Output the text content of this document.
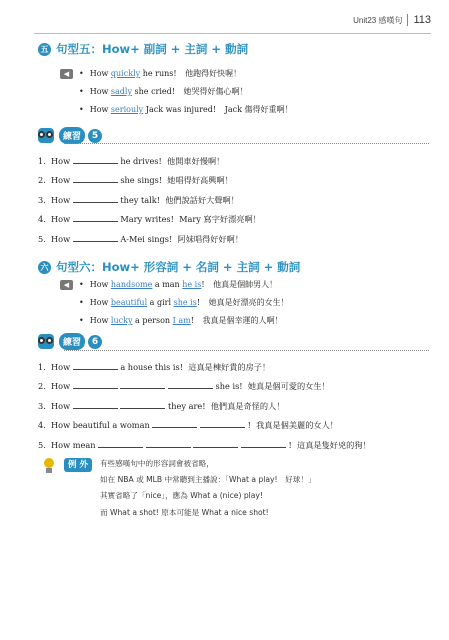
Unit23 感嘆句 113
五 句型五：How+ 副詞 + 主詞 + 動詞
◀	• How quickly he runs! 他跑得好快喔！
• How sadly she cried! 她哭得好傷心啊！
• How seriouly Jack was injured! Jack 傷得好重啊！
練習	5
1. How	he drives! 他開車好慢啊！
2. How	she sings! 她唱得好高興啊！
3. How	they talk! 他們說話好大聲啊！
4. How	Mary writes! Mary 寫字好漂亮啊！
5. How	A-Mei sings! 阿妹唱得好好啊！
六 句型六：How+ 形容詞 + 名詞 + 主詞 + 動詞
◀	• How handsome a man he is! 他真是個帥男人！
• How beautiful a girl she is! 她真是好漂亮的女生！
• How lucky a person I am! 我真是個幸運的人啊！
練習	6
1. How	a house this is! 這真是棟好貴的房子！
2. How	she is! 她真是個可愛的女生！
3. How	they are! 他們真是奇怪的人！
4. How beautiful a woman	! 我真是個美麗的女人！
5. How mean	! 這真是隻好兇的狗！
例 外	有些感嘆句中的形容詞會被省略，
如在 NBA 或 MLB 中常聽到主播說：「What a play!　好球！」
其實省略了「nice」，應為 What a (nice) play!
而 What a shot! 原本可能是 What a nice shot!
